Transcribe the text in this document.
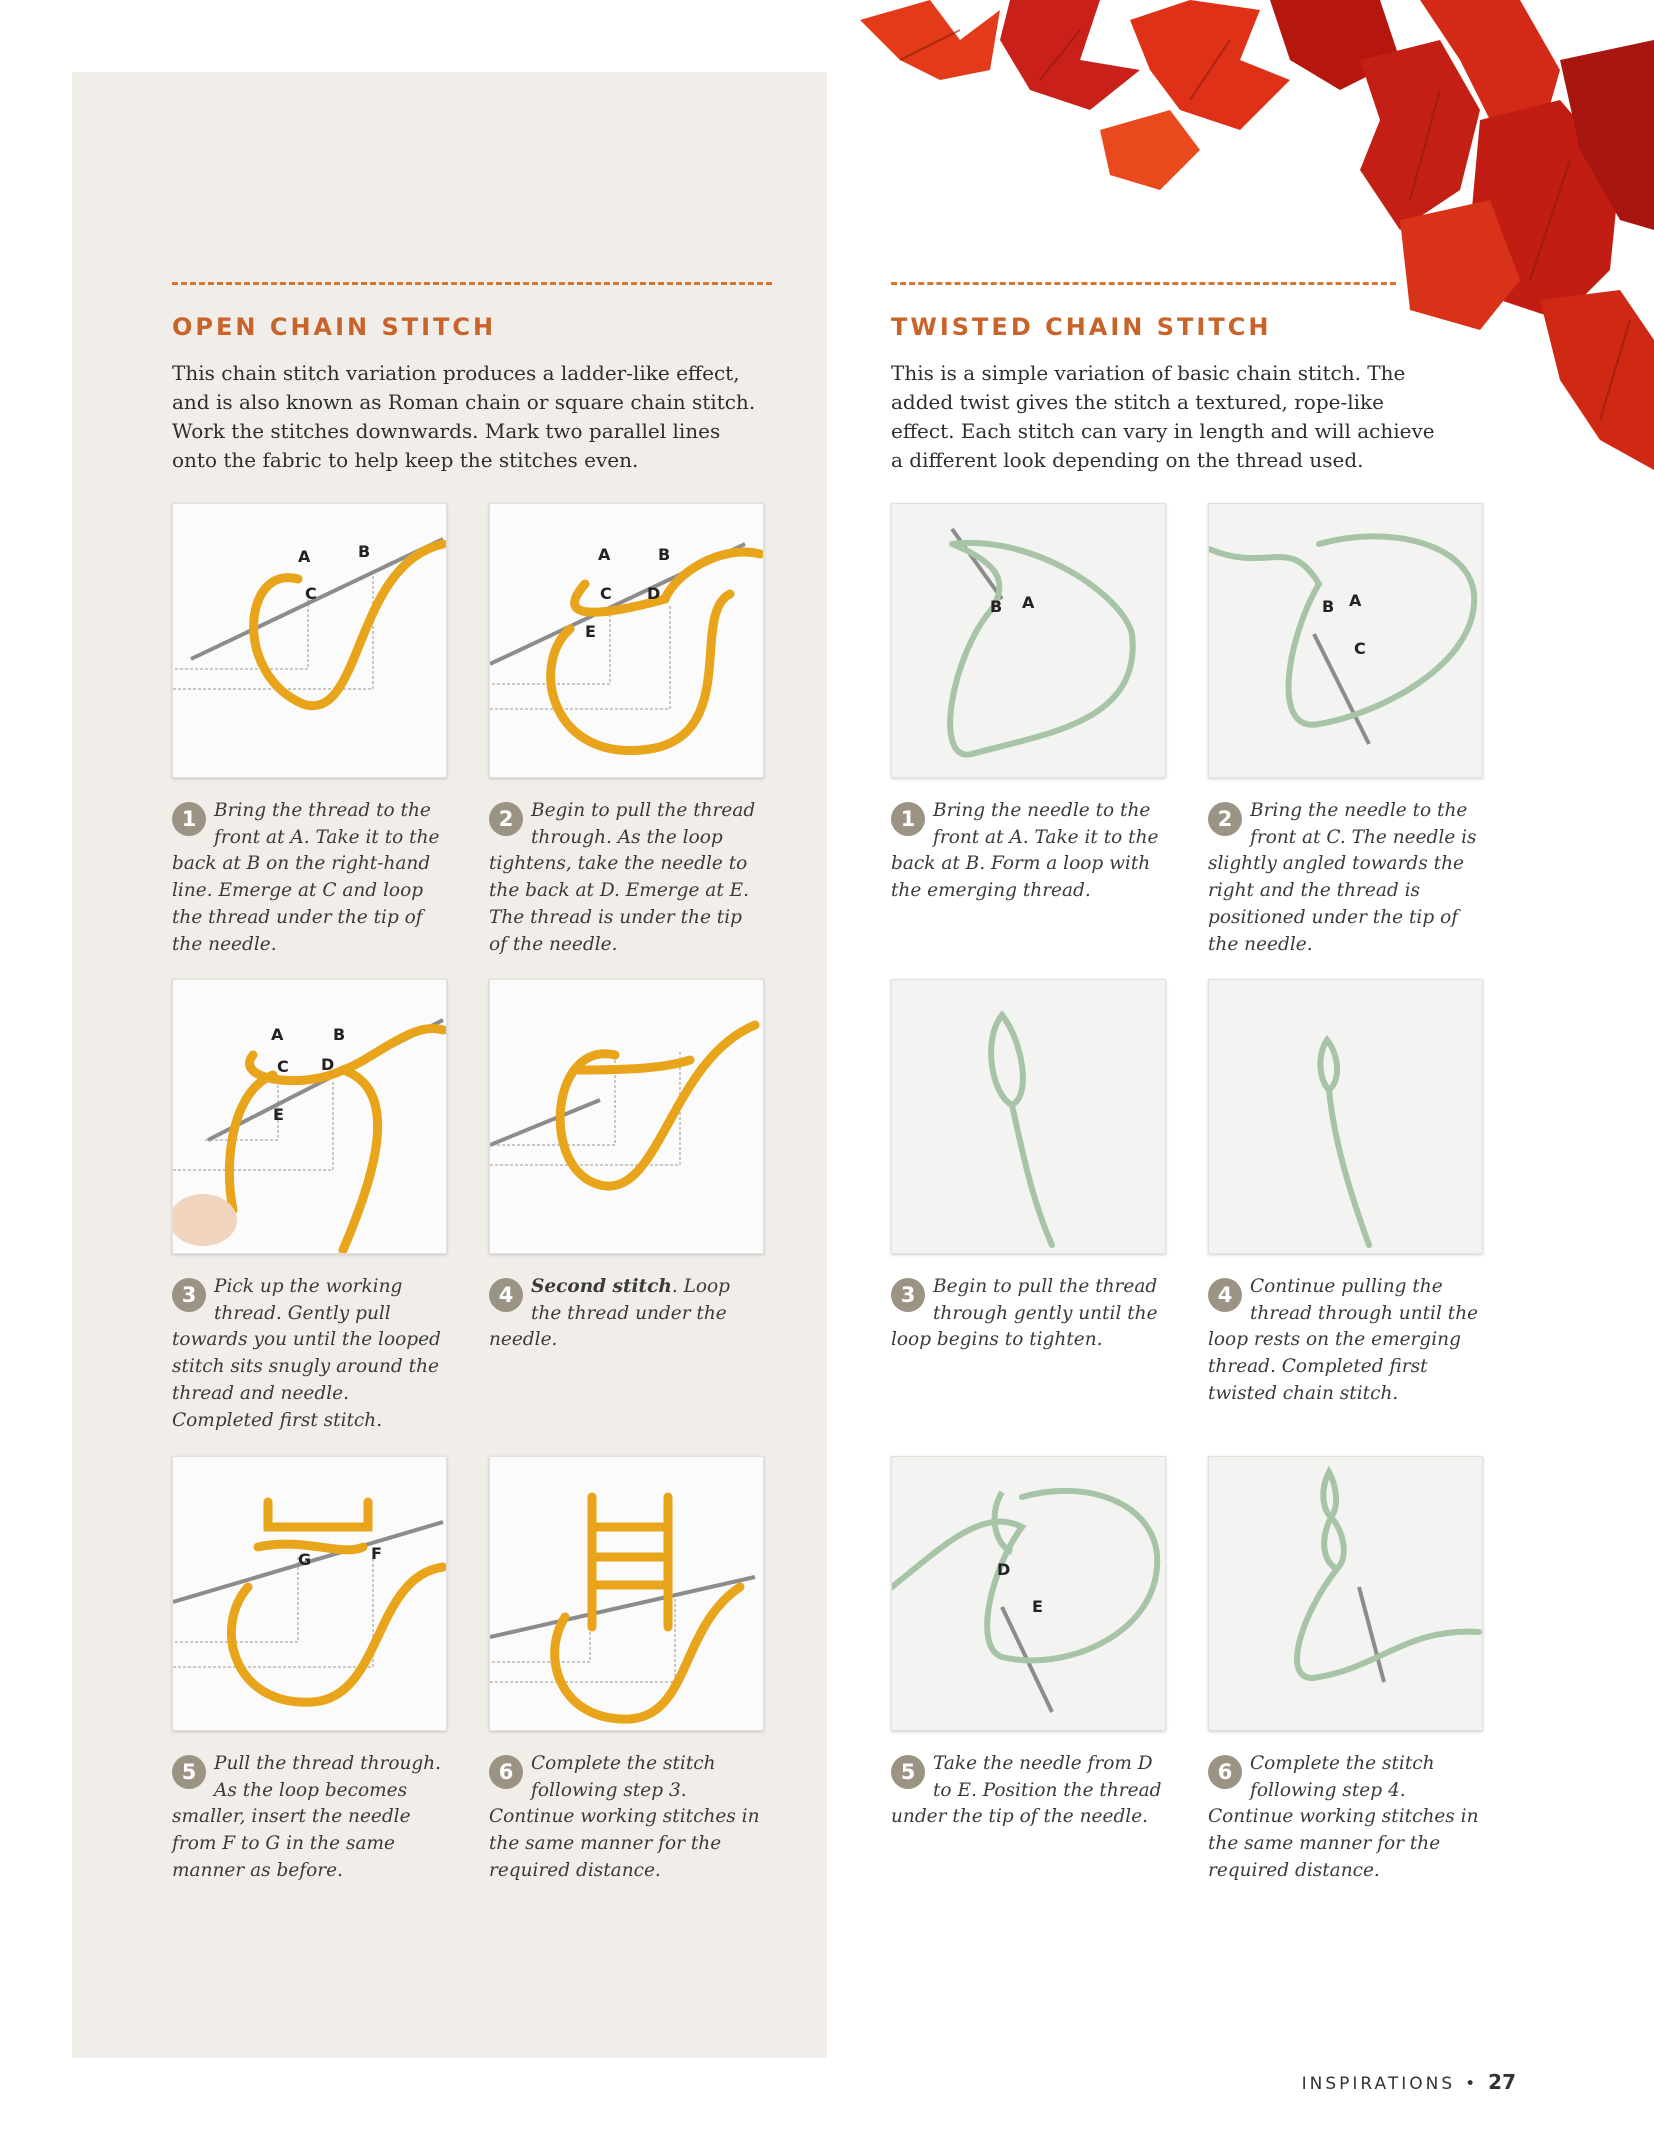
OPEN CHAIN STITCH

This chain stitch variation produces a ladder-like effect, and is also known as Roman chain or square chain stitch. Work the stitches downwards. Mark two parallel lines onto the fabric to help keep the stitches even.

TWISTED CHAIN STITCH

This is a simple variation of basic chain stitch. The added twist gives the stitch a textured, rope-like effect. Each stitch can vary in length and will achieve a different look depending on the thread used.

A	B
C
1 Bring the thread to the front at A. Take it to the back at B on the right-hand line. Emerge at C and loop the thread under the tip of the needle.
A	B
C D
E
2 Begin to pull the thread through. As the loop tightens, take the needle to the back at D. Emerge at E. The thread is under the tip of the needle.
A	B
C D
E
3 Pick up the working thread. Gently pull towards you until the looped stitch sits snugly around the thread and needle. Completed first stitch.
4 Second stitch. Loop the thread under the needle.
G	F
5 Pull the thread through. As the loop becomes smaller, insert the needle from F to G in the same manner as before.
6 Complete the stitch following step 3. Continue working stitches in the same manner for the required distance.
B A
1 Bring the needle to the front at A. Take it to the back at B. Form a loop with the emerging thread.
B A
C
2 Bring the needle to the front at C. The needle is slightly angled towards the right and the thread is positioned under the tip of the needle.
3 Begin to pull the thread through gently until the loop begins to tighten.
4 Continue pulling the thread through until the loop rests on the emerging thread. Completed first twisted chain stitch.
D
E
5 Take the needle from D to E. Position the thread under the tip of the needle.
6 Complete the stitch following step 4. Continue working stitches in the same manner for the required distance.
INSPIRATIONS • 27
